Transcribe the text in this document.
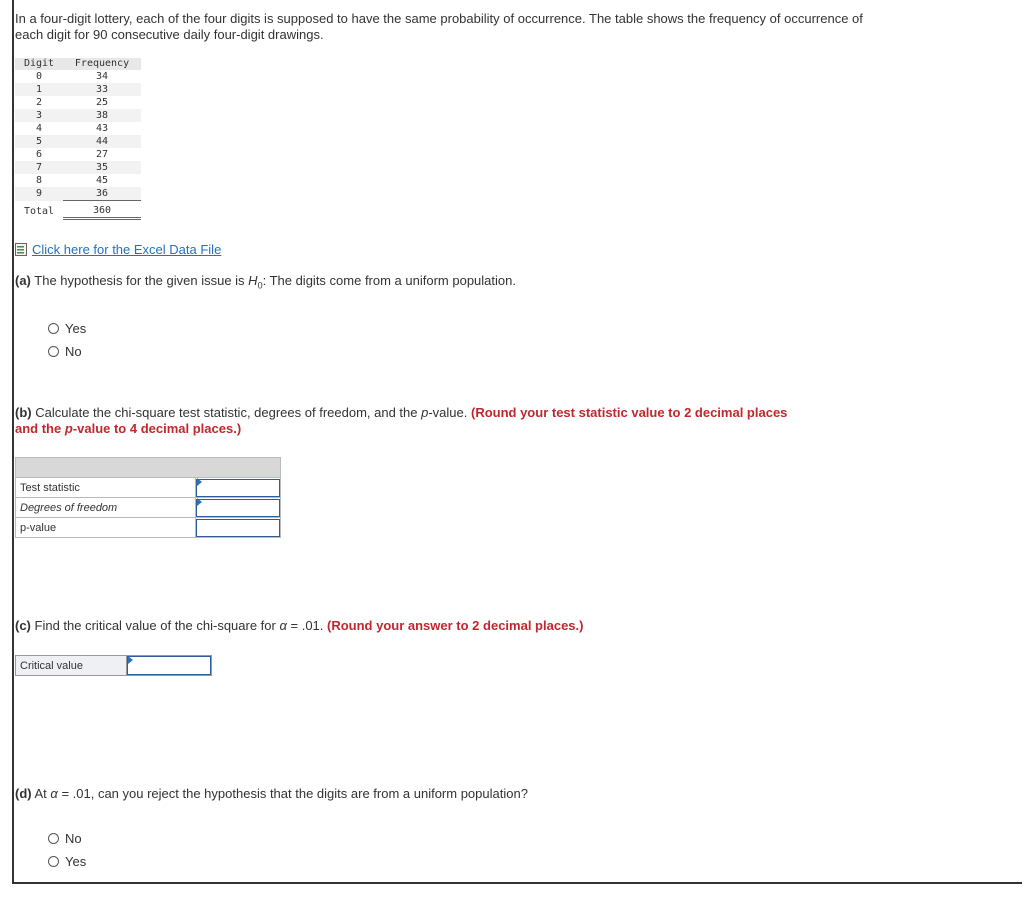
In a four-digit lottery, each of the four digits is supposed to have the same probability of occurrence. The table shows the frequency of occurrence of each digit for 90 consecutive daily four-digit drawings.
Digit	Frequency
0	34
1	33
2	25
3	38
4	43
5	44
6	27
7	35
8	45
9	36
Total	360
Click here for the Excel Data File
(a) The hypothesis for the given issue is $H_0$: The digits come from a uniform population.
Yes
No
(b) Calculate the chi-square test statistic, degrees of freedom, and the p-value. (Round your test statistic value to 2 decimal places
and the p-value to 4 decimal places.)

Test statistic	

Degrees of freedom	

p-value	
(c) Find the critical value of the chi-square for α = .01. (Round your answer to 2 decimal places.)
Critical value	
(d) At α = .01, can you reject the hypothesis that the digits are from a uniform population?
No
Yes
